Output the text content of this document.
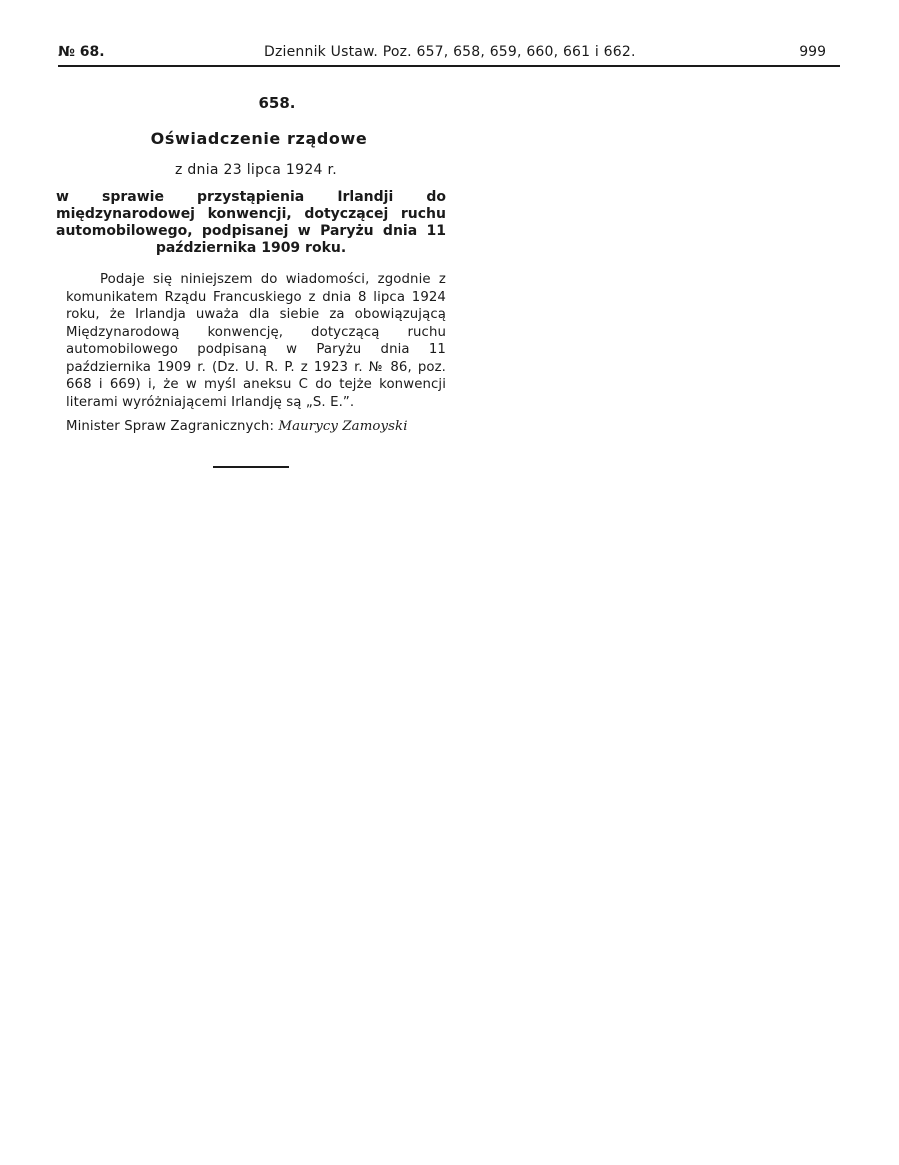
№ 68.	Dziennik Ustaw. Poz. 657, 658, 659, 660, 661 i 662.	999
658.
Oświadczenie rządowe
z dnia 23 lipca 1924 r.
w sprawie przystąpienia Irlandji do międzynarodowej konwencji, dotyczącej ruchu automobilowego, podpisanej w Paryżu dnia 11 października 1909 roku.
Podaje się niniejszem do wiadomości, zgodnie z komunikatem Rządu Francuskiego z dnia 8 lipca 1924 roku, że Irlandja uważa dla siebie za obowiązującą Międzynarodową konwencję, dotyczącą ruchu automobilowego podpisaną w Paryżu dnia 11 października 1909 r. (Dz. U. R. P. z 1923 r. № 86, poz. 668 i 669) i, że w myśl aneksu C do tejże konwencji literami wyróżniającemi Irlandję są „S. E.”.
Minister Spraw Zagranicznych: Maurycy Zamoyski
